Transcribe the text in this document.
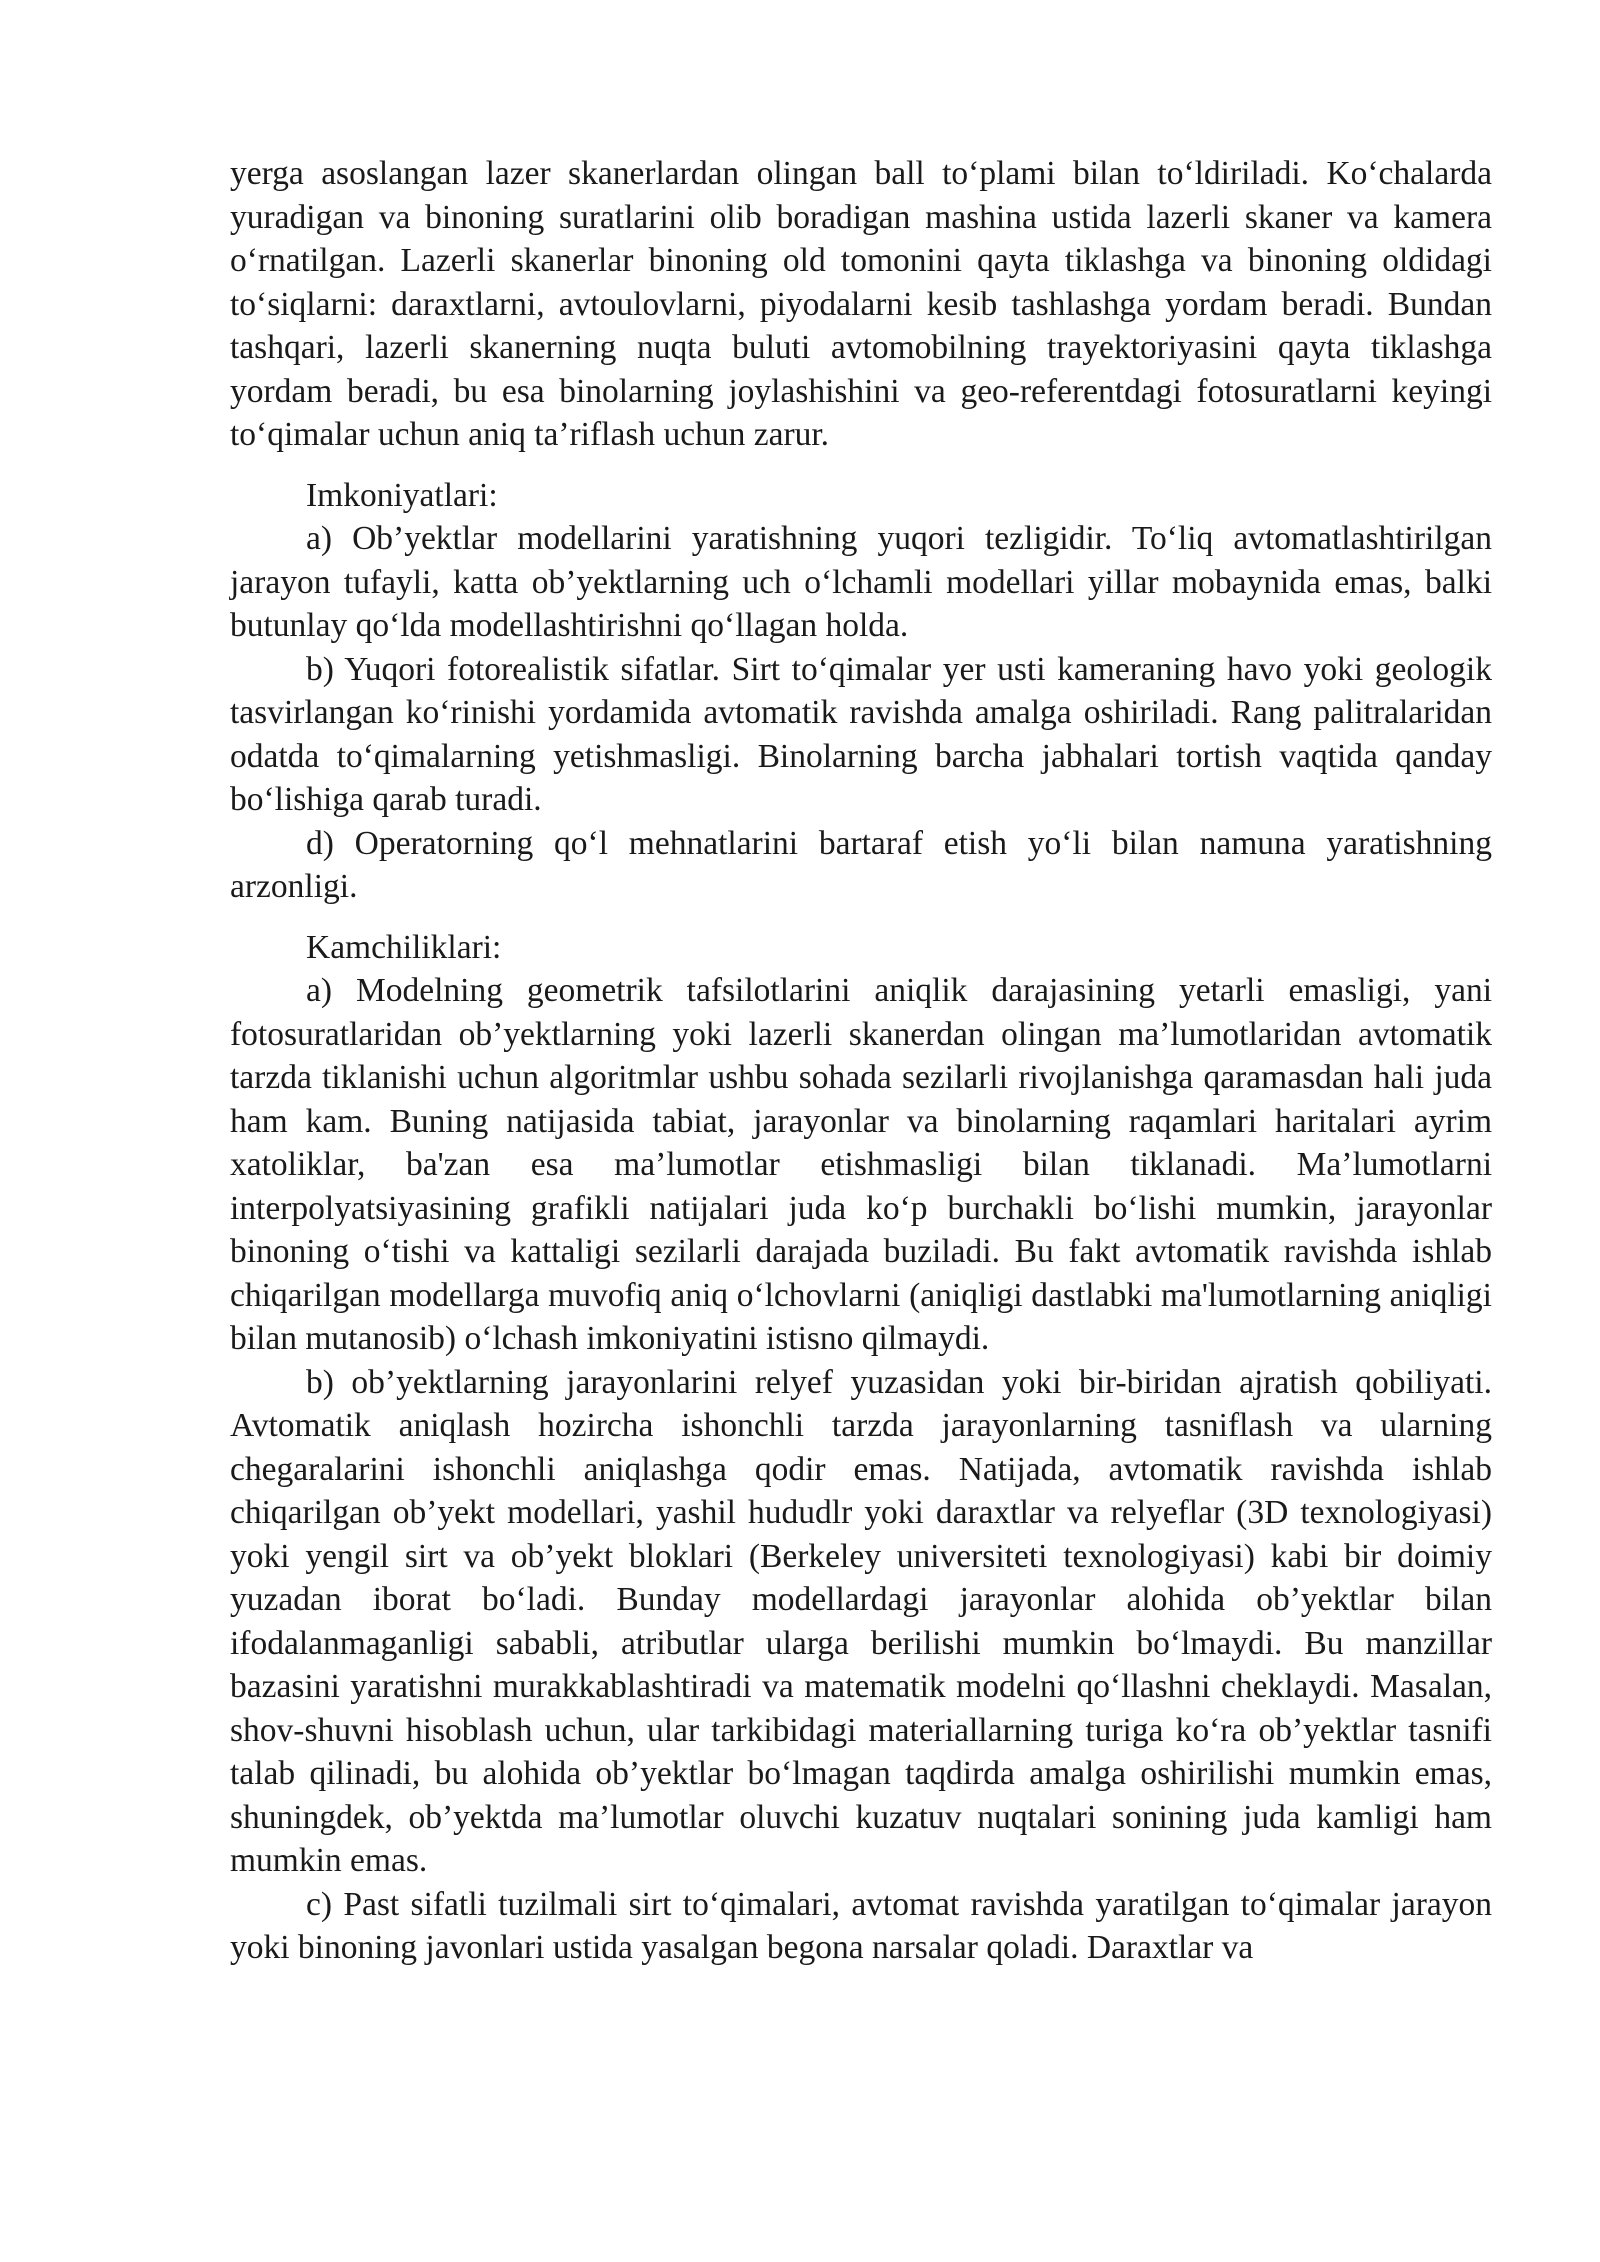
yerga asoslangan lazer skanerlardan olingan ball to‘plami bilan to‘ldiriladi. Ko‘chalarda yuradigan va binoning suratlarini olib boradigan mashina ustida lazerli skaner va kamera o‘rnatilgan. Lazerli skanerlar binoning old tomonini qayta tiklashga va binoning oldidagi to‘siqlarni: daraxtlarni, avtoulovlarni, piyodalarni kesib tashlashga yordam beradi. Bundan tashqari, lazerli skanerning nuqta buluti avtomobilning trayektoriyasini qayta tiklashga yordam beradi, bu esa binolarning joylashishini va geo-referentdagi fotosuratlarni keyingi to‘qimalar uchun aniq ta’riflash uchun zarur.

Imkoniyatlari:

a) Ob’yektlar modellarini yaratishning yuqori tezligidir. To‘liq avtomatlashtirilgan jarayon tufayli, katta ob’yektlarning uch o‘lchamli modellari yillar mobaynida emas, balki butunlay qo‘lda modellashtirishni qo‘llagan holda.

b) Yuqori fotorealistik sifatlar. Sirt to‘qimalar yer usti kameraning havo yoki geologik tasvirlangan ko‘rinishi yordamida avtomatik ravishda amalga oshiriladi. Rang palitralaridan odatda to‘qimalarning yetishmasligi. Binolarning barcha jabhalari tortish vaqtida qanday bo‘lishiga qarab turadi.

d) Operatorning qo‘l mehnatlarini bartaraf etish yo‘li bilan namuna yaratishning arzonligi.

Kamchiliklari:

a) Modelning geometrik tafsilotlarini aniqlik darajasining yetarli emasligi, yani fotosuratlaridan ob’yektlarning yoki lazerli skanerdan olingan ma’lumotlaridan avtomatik tarzda tiklanishi uchun algoritmlar ushbu sohada sezilarli rivojlanishga qaramasdan hali juda ham kam. Buning natijasida tabiat, jarayonlar va binolarning raqamlari haritalari ayrim xatoliklar, ba'zan esa ma’lumotlar etishmasligi bilan tiklanadi. Ma’lumotlarni interpolyatsiyasining grafikli natijalari juda ko‘p burchakli bo‘lishi mumkin, jarayonlar binoning o‘tishi va kattaligi sezilarli darajada buziladi. Bu fakt avtomatik ravishda ishlab chiqarilgan modellarga muvofiq aniq o‘lchovlarni (aniqligi dastlabki ma'lumotlarning aniqligi bilan mutanosib) o‘lchash imkoniyatini istisno qilmaydi.

b) ob’yektlarning jarayonlarini relyef yuzasidan yoki bir-biridan ajratish qobiliyati. Avtomatik aniqlash hozircha ishonchli tarzda jarayonlarning tasniflash va ularning chegaralarini ishonchli aniqlashga qodir emas. Natijada, avtomatik ravishda ishlab chiqarilgan ob’yekt modellari, yashil hududlr yoki daraxtlar va relyeflar (3D texnologiyasi) yoki yengil sirt va ob’yekt bloklari (Berkeley universiteti texnologiyasi) kabi bir doimiy yuzadan iborat bo‘ladi. Bunday modellardagi jarayonlar alohida ob’yektlar bilan ifodalanmaganligi sababli, atributlar ularga berilishi mumkin bo‘lmaydi. Bu manzillar bazasini yaratishni murakkablashtiradi va matematik modelni qo‘llashni cheklaydi. Masalan, shov-shuvni hisoblash uchun, ular tarkibidagi materiallarning turiga ko‘ra ob’yektlar tasnifi talab qilinadi, bu alohida ob’yektlar bo‘lmagan taqdirda amalga oshirilishi mumkin emas, shuningdek, ob’yektda ma’lumotlar oluvchi kuzatuv nuqtalari sonining juda kamligi ham mumkin emas.

c) Past sifatli tuzilmali sirt to‘qimalari, avtomat ravishda yaratilgan to‘qimalar jarayon yoki binoning javonlari ustida yasalgan begona narsalar qoladi. Daraxtlar va
